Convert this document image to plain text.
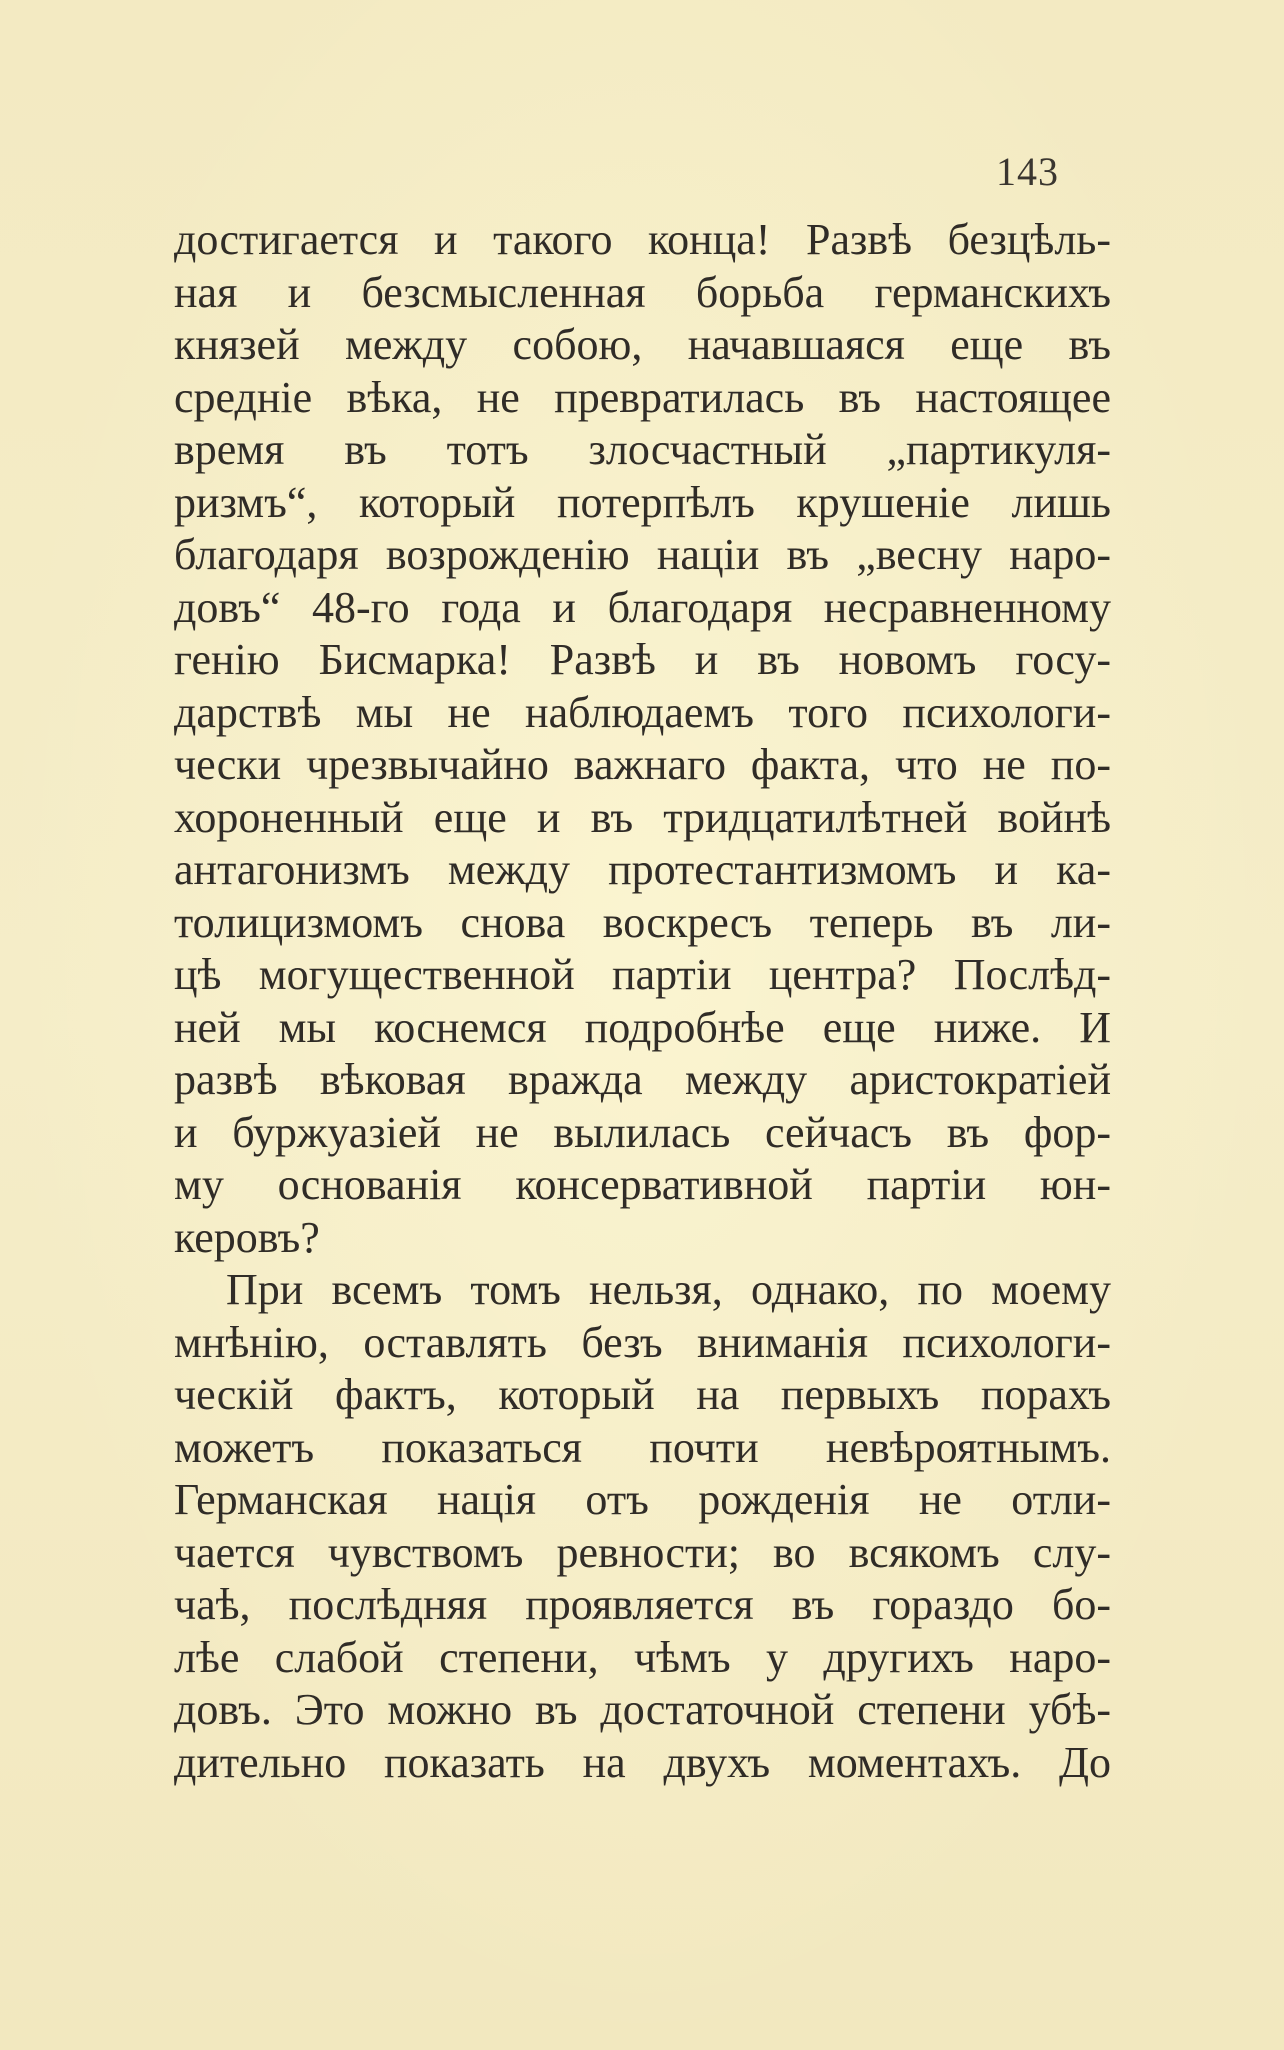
143
достигается и такого конца! Развѣ безцѣль-
ная и безсмысленная борьба германскихъ
князей между собою, начавшаяся еще въ
средніе вѣка, не превратилась въ настоящее
время въ тотъ злосчастный „партикуля-
ризмъ“, который потерпѣлъ крушеніе лишь
благодаря возрожденію націи въ „весну наро-
довъ“ 48-го года и благодаря несравненному
генію Бисмарка! Развѣ и въ новомъ госу-
дарствѣ мы не наблюдаемъ того психологи-
чески чрезвычайно важнаго факта, что не по-
хороненный еще и въ тридцатилѣтней войнѣ
антагонизмъ между протестантизмомъ и ка-
толицизмомъ снова воскресъ теперь въ ли-
цѣ могущественной партіи центра? Послѣд-
ней мы коснемся подробнѣе еще ниже. И
развѣ вѣковая вражда между аристократіей
и буржуазіей не вылилась сейчасъ въ фор-
му основанія консервативной партіи юн-
керовъ?
При всемъ томъ нельзя, однако, по моему
мнѣнію, оставлять безъ вниманія психологи-
ческій фактъ, который на первыхъ порахъ
можетъ показаться почти невѣроятнымъ.
Германская нація отъ рожденія не отли-
чается чувствомъ ревности; во всякомъ слу-
чаѣ, послѣдняя проявляется въ гораздо бо-
лѣе слабой степени, чѣмъ у другихъ наро-
довъ. Это можно въ достаточной степени убѣ-
дительно показать на двухъ моментахъ. До
